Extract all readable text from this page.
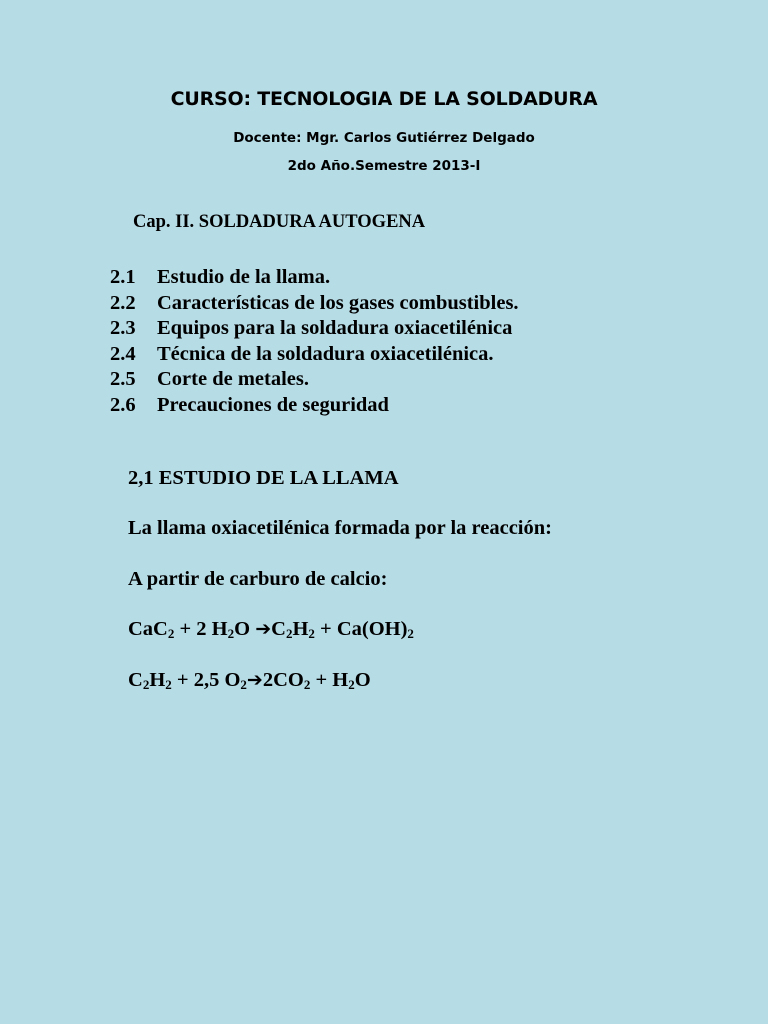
CURSO: TECNOLOGIA DE LA SOLDADURA
Docente: Mgr. Carlos Gutiérrez Delgado
2do Año.Semestre 2013-I
Cap. II. SOLDADURA AUTOGENA
2.1 Estudio de la llama.
2.2 Características de los gases combustibles.
2.3 Equipos para la soldadura oxiacetilénica
2.4 Técnica de la soldadura oxiacetilénica.
2.5 Corte de metales.
2.6 Precauciones de seguridad
2,1 ESTUDIO DE LA LLAMA
La llama oxiacetilénica formada por la reacción:
A partir de carburo de calcio:
CaC$_2$ + 2 $H_2O$ $➔C_2H_2 + Ca(OH)_2$
$C_2H_2 + 2,5$ $O_2➔2CO_2 + H_2O$
